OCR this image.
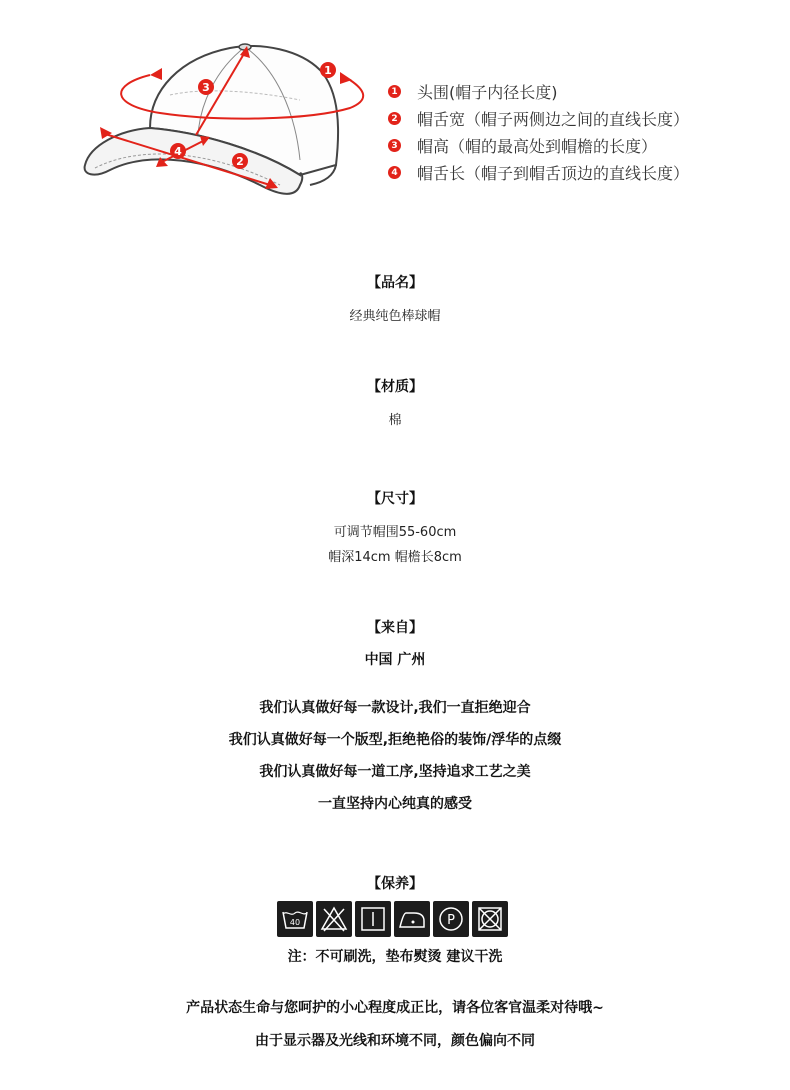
1
2
3
4
1 头围(帽子内径长度)
2 帽舌宽（帽子两侧边之间的直线长度）
3 帽高（帽的最高处到帽檐的长度）
4 帽舌长（帽子到帽舌顶边的直线长度）
【品名】
经典纯色棒球帽
【材质】
棉
【尺寸】
可调节帽围55-60cm
帽深14cm 帽檐长8cm
【来自】
中国 广州
我们认真做好每一款设计,我们一直拒绝迎合
我们认真做好每一个版型,拒绝艳俗的装饰/浮华的点缀
我们认真做好每一道工序,坚持追求工艺之美
一直坚持内心纯真的感受
【保养】
40	P
注：不可刷洗，垫布熨烫 建议干洗
产品状态生命与您呵护的小心程度成正比，请各位客官温柔对待哦~
由于显示器及光线和环境不同，颜色偏向不同
